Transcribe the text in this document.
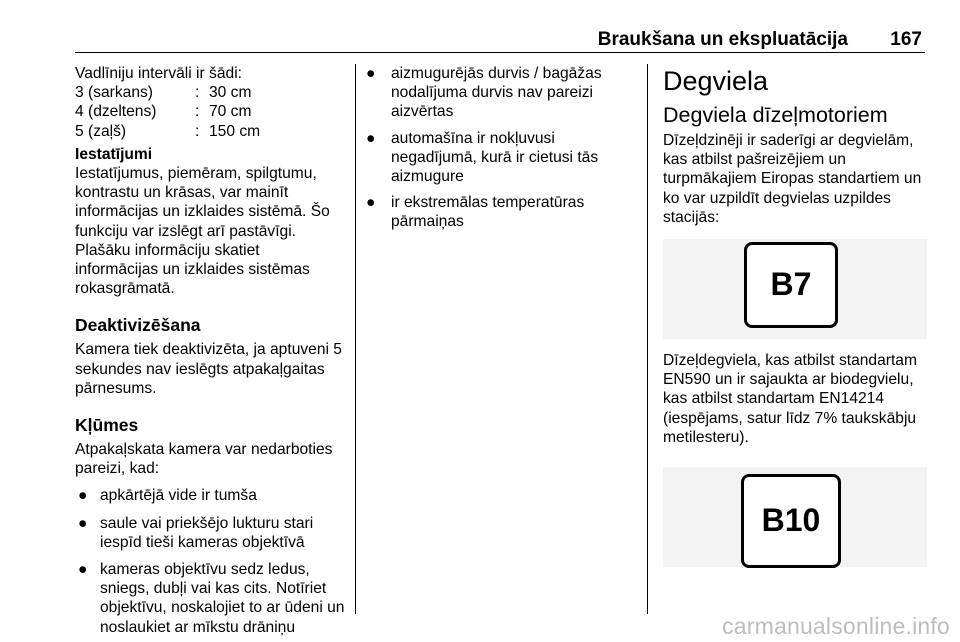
Braukšana un ekspluatācija 167

Vadlīniju intervāli ir šādi:

3 (sarkans)	: 30 cm
4 (dzeltens)	: 70 cm
5 (zaļš)	: 150 cm

Iestatījumi

Iestatījumus, piemēram, spilgtumu, kontrastu un krāsas, var mainīt informācijas un izklaides sistēmā. Šo funkciju var izslēgt arī pastāvīgi. Plašāku informāciju skatiet informācijas un izklaides sistēmas rokasgrāmatā.

Deaktivizēšana

Kamera tiek deaktivizēta, ja aptuveni 5 sekundes nav ieslēgts atpakaļgaitas pārnesums.

Kļūmes

Atpakaļskata kamera var nedarboties pareizi, kad:

● apkārtējā vide ir tumša
● saule vai priekšējo lukturu stari iespīd tieši kameras objektīvā
● kameras objektīvu sedz ledus, sniegs, dubļi vai kas cits. Notīriet objektīvu, noskalojiet to ar ūdeni un noslaukiet ar mīkstu drāniņu
● aizmugurējās durvis / bagāžas nodalījuma durvis nav pareizi aizvērtas
● automašīna ir nokļuvusi negadījumā, kurā ir cietusi tās aizmugure
● ir ekstremālas temperatūras pārmaiņas

Degviela

Degviela dīzeļmotoriem

Dīzeļdzinēji ir saderīgi ar degvielām, kas atbilst pašreizējiem un turpmākajiem Eiropas standartiem un ko var uzpildīt degvielas uzpildes stacijās:

B7

Dīzeļdegviela, kas atbilst standartam EN590 un ir sajaukta ar biodegvielu, kas atbilst standartam EN14214 (iespējams, satur līdz 7% taukskābju metilesteru).

B10
carmanualsonline.info
